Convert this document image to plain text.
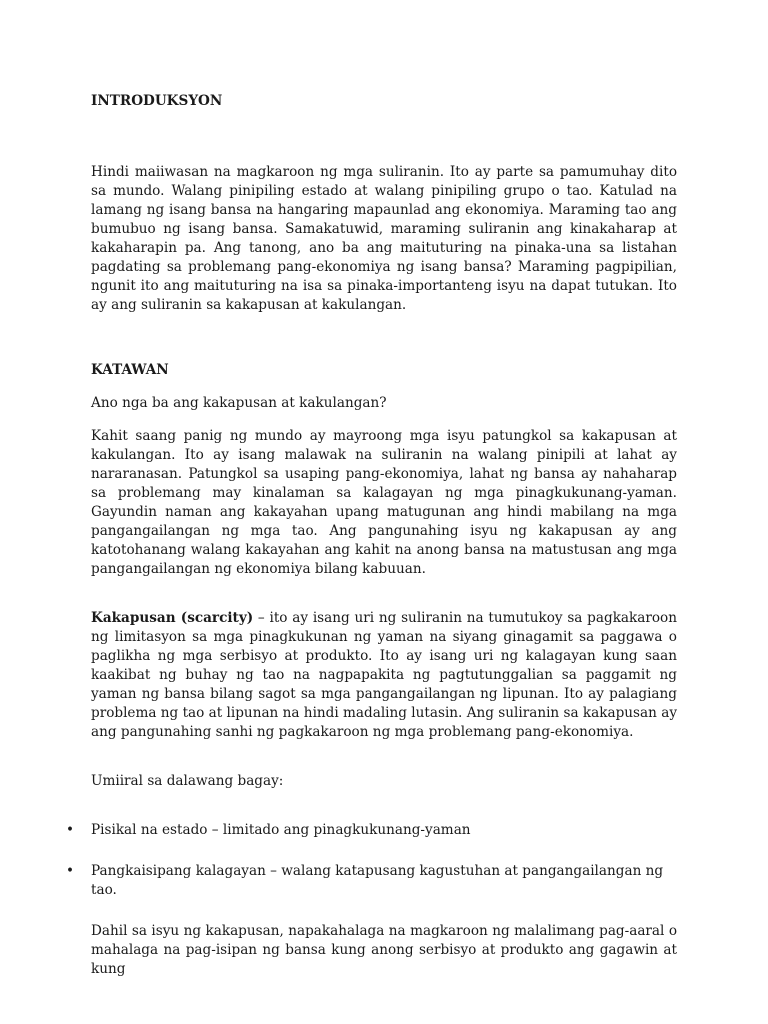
INTRODUKSYON

Hindi maiiwasan na magkaroon ng mga suliranin. Ito ay parte sa pamumuhay dito sa mundo. Walang pinipiling estado at walang pinipiling grupo o tao. Katulad na lamang ng isang bansa na hangaring mapaunlad ang ekonomiya. Maraming tao ang bumubuo ng isang bansa. Samakatuwid, maraming suliranin ang kinakaharap at kakaharapin pa. Ang tanong, ano ba ang maituturing na pinaka-una sa listahan pagdating sa problemang pang-ekonomiya ng isang bansa? Maraming pagpipilian, ngunit ito ang maituturing na isa sa pinaka-importanteng isyu na dapat tutukan. Ito ay ang suliranin sa kakapusan at kakulangan.

KATAWAN

Ano nga ba ang kakapusan at kakulangan?

Kahit saang panig ng mundo ay mayroong mga isyu patungkol sa kakapusan at kakulangan. Ito ay isang malawak na suliranin na walang pinipili at lahat ay nararanasan. Patungkol sa usaping pang-ekonomiya, lahat ng bansa ay nahaharap sa problemang may kinalaman sa kalagayan ng mga pinagkukunang-yaman. Gayundin naman ang kakayahan upang matugunan ang hindi mabilang na mga pangangailangan ng mga tao. Ang pangunahing isyu ng kakapusan ay ang katotohanang walang kakayahan ang kahit na anong bansa na matustusan ang mga pangangailangan ng ekonomiya bilang kabuuan.

Kakapusan (scarcity) – ito ay isang uri ng suliranin na tumutukoy sa pagkakaroon ng limitasyon sa mga pinagkukunan ng yaman na siyang ginagamit sa paggawa o paglikha ng mga serbisyo at produkto. Ito ay isang uri ng kalagayan kung saan kaakibat ng buhay ng tao na nagpapakita ng pagtutunggalian sa paggamit ng yaman ng bansa bilang sagot sa mga pangangailangan ng lipunan. Ito ay palagiang problema ng tao at lipunan na hindi madaling lutasin. Ang suliranin sa kakapusan ay ang pangunahing sanhi ng pagkakaroon ng mga problemang pang-ekonomiya.

Umiiral sa dalawang bagay:

• Pisikal na estado – limitado ang pinagkukunang-yaman
• Pangkaisipang kalagayan – walang katapusang kagustuhan at pangangailangan ng tao.

Dahil sa isyu ng kakapusan, napakahalaga na magkaroon ng malalimang pag-aaral o mahalaga na pag-isipan ng bansa kung anong serbisyo at produkto ang gagawin at kung
